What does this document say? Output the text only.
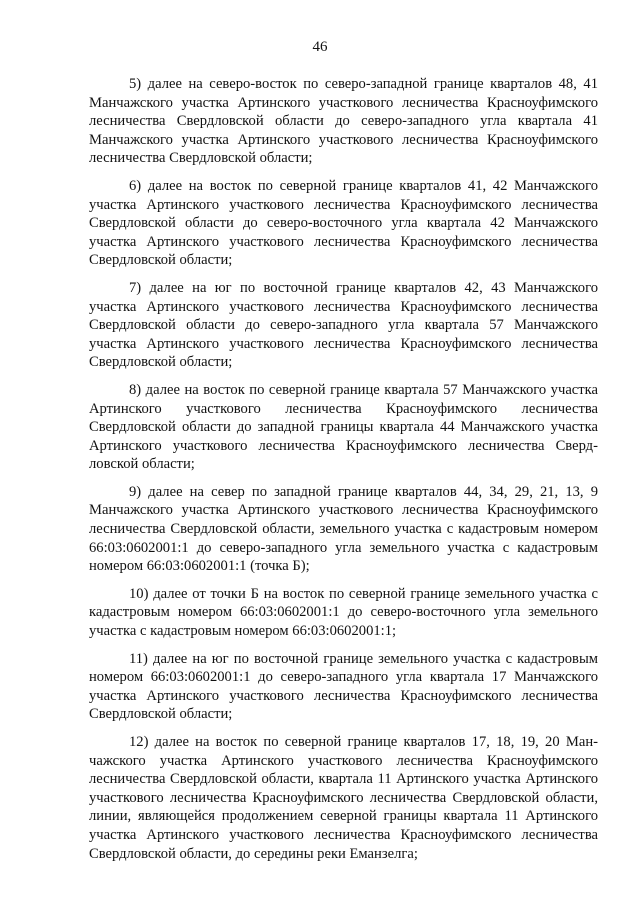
46

5) далее на северо-восток по северо-западной границе кварталов 48, 41 Манчажского участка Артинского участкового лесничества Красноуфимского лесничества Свердловской области до северо-западного угла квартала 41 Манчажского участка Артинского участкового лесничества Красноуфимского лесничества Свердловской области;

6) далее на восток по северной границе кварталов 41, 42 Манчажского участка Артинского участкового лесничества Красноуфимского лесничества Свердловской области до северо-восточного угла квартала 42 Манчажского участка Артинского участкового лесничества Красноуфимского лесничества Свердловской области;

7) далее на юг по восточной границе кварталов 42, 43 Манчажского участка Артинского участкового лесничества Красноуфимского лесничества Свердловской области до северо-западного угла квартала 57 Манчажского участка Артинского участкового лесничества Красноуфимского лесничества Свердловской области;

8) далее на восток по северной границе квартала 57 Манчажского участка Артинского участкового лесничества Красноуфимского лесничества Свердловской области до западной границы квартала 44 Манчажского участка Артинского участкового лесничества Красноуфимского лесничества Свердловской области;

9) далее на север по западной границе кварталов 44, 34, 29, 21, 13, 9 Манчажского участка Артинского участкового лесничества Красноуфимского лесничества Свердловской области, земельного участка с кадастровым номером 66:03:0602001:1 до северо-западного угла земельного участка с кадастровым номером 66:03:0602001:1 (точка Б);

10) далее от точки Б на восток по северной границе земельного участка с кадастровым номером 66:03:0602001:1 до северо-восточного угла земельного участка с кадастровым номером 66:03:0602001:1;

11) далее на юг по восточной границе земельного участка с кадастровым номером 66:03:0602001:1 до северо-западного угла квартала 17 Манчажского участка Артинского участкового лесничества Красноуфимского лесничества Свердловской области;

12) далее на восток по северной границе кварталов 17, 18, 19, 20 Манчажского участка Артинского участкового лесничества Красноуфимского лесничества Свердловской области, квартала 11 Артинского участка Артинского участкового лесничества Красноуфимского лесничества Свердловской области, линии, являющейся продолжением северной границы квартала 11 Артинского участка Артинского участкового лесничества Красноуфимского лесничества Свердловской области, до середины реки Еманзелга;
